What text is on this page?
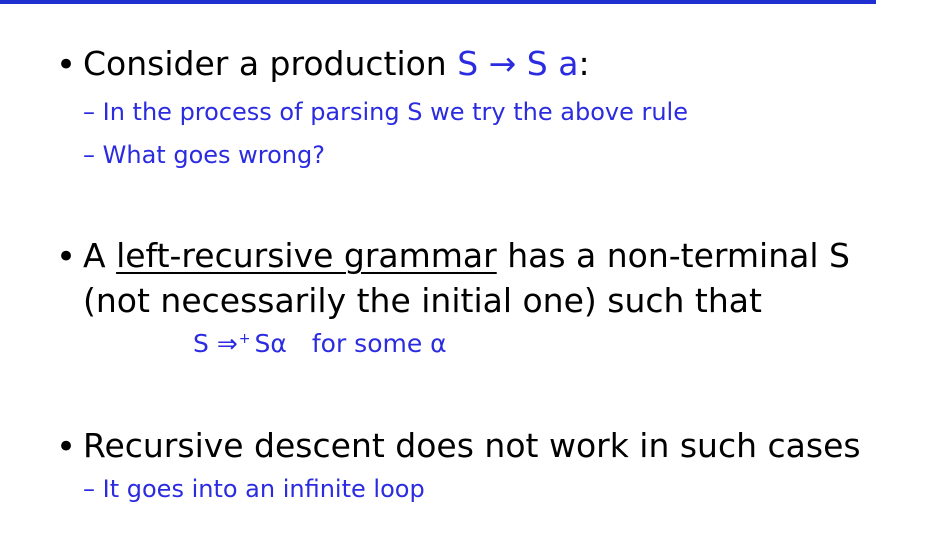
• Consider a production S → S a:
– In the process of parsing S we try the above rule
– What goes wrong?
• A left-recursive grammar has a non-terminal S
(not necessarily the initial one) such that
S ⇒+ Sα for some α
• Recursive descent does not work in such cases
– It goes into an infinite loop
